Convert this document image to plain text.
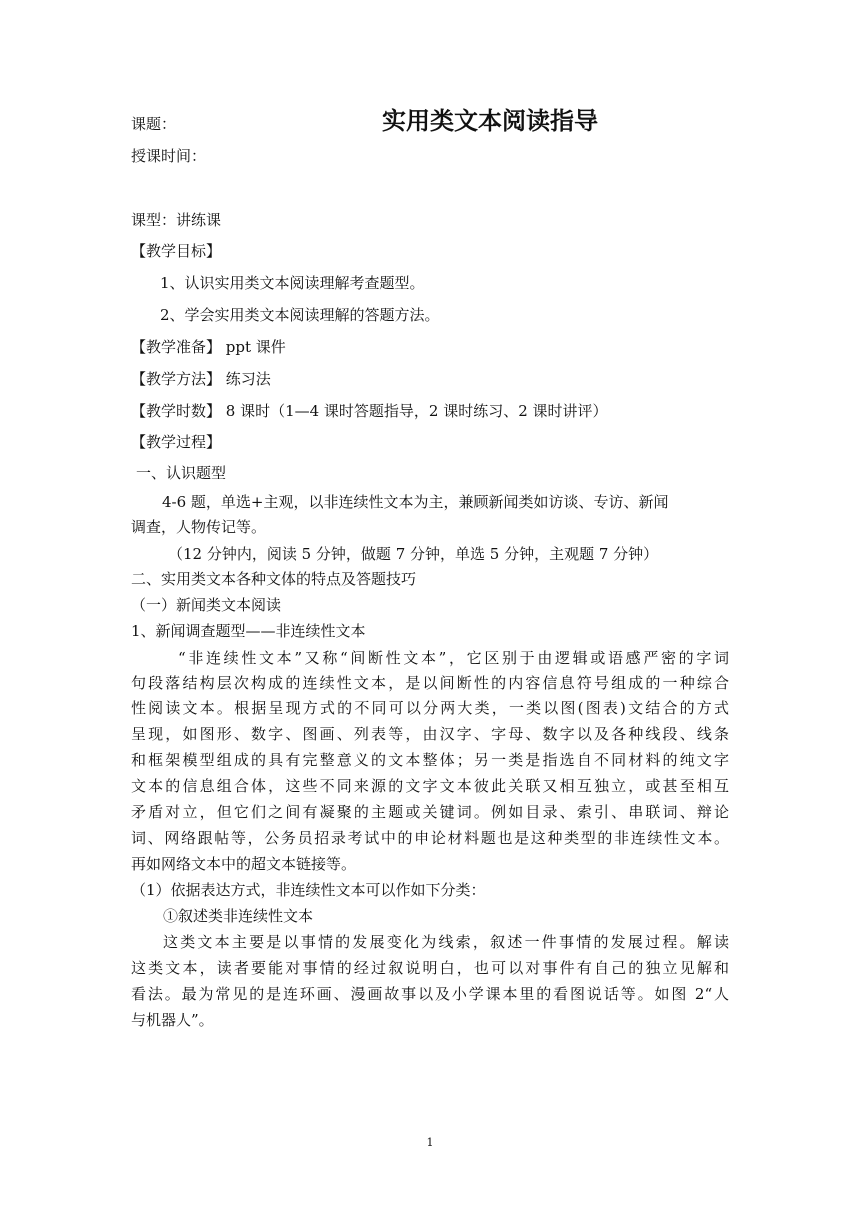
课题：	实用类文本阅读指导
授课时间：
课型：讲练课
【教学目标】
1、认识实用类文本阅读理解考查题型。
2、学会实用类文本阅读理解的答题方法。
【教学准备】 ppt 课件
【教学方法】 练习法
【教学时数】 8 课时（1—4 课时答题指导，2 课时练习、2 课时讲评）
【教学过程】
一、认识题型
4-6 题，单选+主观，以非连续性文本为主，兼顾新闻类如访谈、专访、新闻
调查，人物传记等。
（12 分钟内，阅读 5 分钟，做题 7 分钟，单选 5 分钟，主观题 7 分钟）
二、实用类文本各种文体的特点及答题技巧
（一）新闻类文本阅读
1、新闻调查题型——非连续性文本
“非连续性文本”又称“间断性文本”，它区别于由逻辑或语感严密的字词
句段落结构层次构成的连续性文本，是以间断性的内容信息符号组成的一种综合
性阅读文本。根据呈现方式的不同可以分两大类，一类以图(图表)文结合的方式
呈现，如图形、数字、图画、列表等，由汉字、字母、数字以及各种线段、线条
和框架模型组成的具有完整意义的文本整体；另一类是指选自不同材料的纯文字
文本的信息组合体，这些不同来源的文字文本彼此关联又相互独立，或甚至相互
矛盾对立，但它们之间有凝聚的主题或关键词。例如目录、索引、串联词、辩论
词、网络跟帖等，公务员招录考试中的申论材料题也是这种类型的非连续性文本。
再如网络文本中的超文本链接等。
（1）依据表达方式，非连续性文本可以作如下分类：
①叙述类非连续性文本
这类文本主要是以事情的发展变化为线索，叙述一件事情的发展过程。解读
这类文本，读者要能对事情的经过叙说明白，也可以对事件有自己的独立见解和
看法。最为常见的是连环画、漫画故事以及小学课本里的看图说话等。如图 2“人
与机器人”。
1
